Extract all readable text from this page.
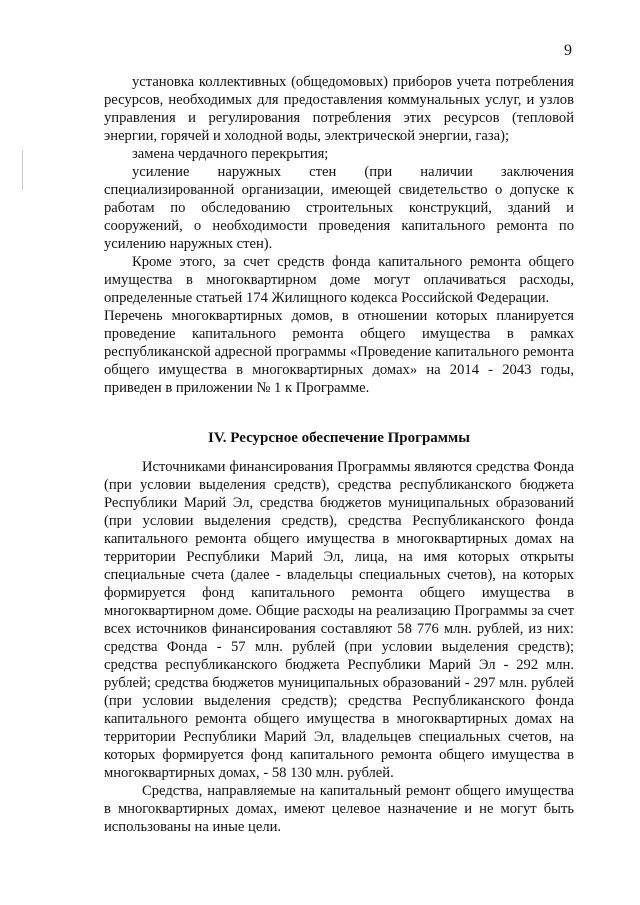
9

установка коллективных (общедомовых) приборов учета потребления ресурсов, необходимых для предоставления коммунальных услуг, и узлов управления и регулирования потребления этих ресурсов (тепловой энергии, горячей и холодной воды, электрической энергии, газа);

замена чердачного перекрытия;

усиление наружных стен (при наличии заключения специализированной организации, имеющей свидетельство о допуске к работам по обследованию строительных конструкций, зданий и сооружений, о необходимости проведения капитального ремонта по усилению наружных стен).

Кроме этого, за счет средств фонда капитального ремонта общего имущества в многоквартирном доме могут оплачиваться расходы, определенные статьей 174 Жилищного кодекса Российской Федерации.

Перечень многоквартирных домов, в отношении которых планируется проведение капитального ремонта общего имущества в рамках республиканской адресной программы «Проведение капитального ремонта общего имущества в многоквартирных домах» на 2014 - 2043 годы, приведен в приложении № 1 к Программе.

IV. Ресурсное обеспечение Программы

Источниками финансирования Программы являются средства Фонда (при условии выделения средств), средства республиканского бюджета Республики Марий Эл, средства бюджетов муниципальных образований (при условии выделения средств), средства Республиканского фонда капитального ремонта общего имущества в многоквартирных домах на территории Республики Марий Эл, лица, на имя которых открыты специальные счета (далее - владельцы специальных счетов), на которых формируется фонд капитального ремонта общего имущества в многоквартирном доме. Общие расходы на реализацию Программы за счет всех источников финансирования составляют 58 776 млн. рублей, из них: средства Фонда - 57 млн. рублей (при условии выделения средств); средства республиканского бюджета Республики Марий Эл - 292 млн. рублей; средства бюджетов муниципальных образований - 297 млн. рублей (при условии выделения средств); средства Республиканского фонда капитального ремонта общего имущества в многоквартирных домах на территории Республики Марий Эл, владельцев специальных счетов, на которых формируется фонд капитального ремонта общего имущества в многоквартирных домах, - 58 130 млн. рублей.

Средства, направляемые на капитальный ремонт общего имущества в многоквартирных домах, имеют целевое назначение и не могут быть использованы на иные цели.
